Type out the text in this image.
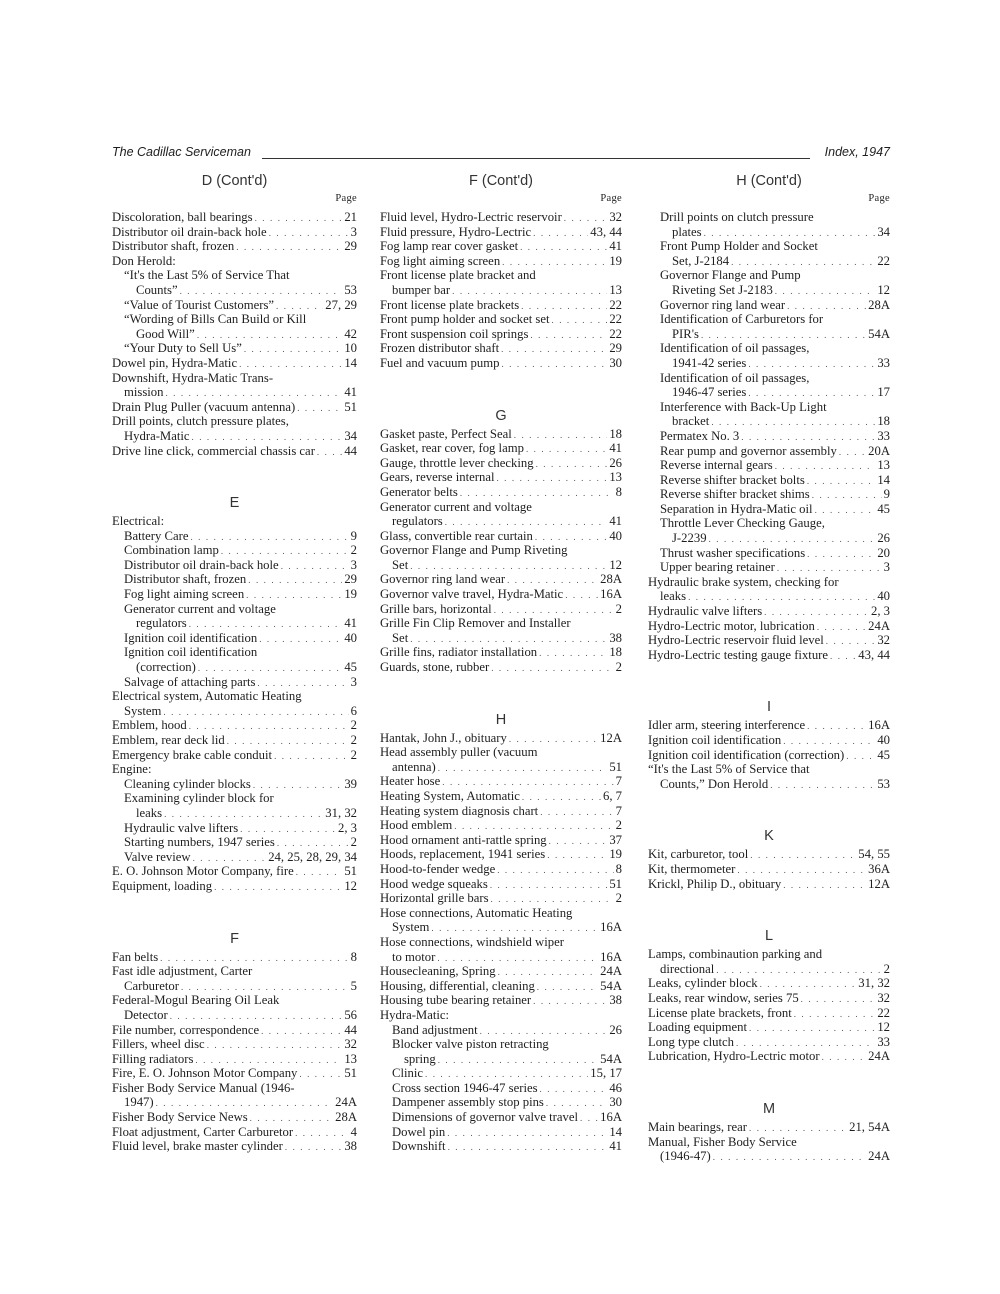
The Cadillac Serviceman	Index, 1947
D (Cont'd)
Page
Discoloration, ball bearings . . .	21
Distributor oil drain-back hole . . .	3
Distributor shaft, frozen . . .	29
Don Herold:
“It's the Last 5% of Service That
Counts” . . .	53
“Value of Tourist Customers” . . .	27, 29
“Wording of Bills Can Build or Kill
Good Will” . . .	42
“Your Duty to Sell Us” . . .	10
Dowel pin, Hydra-Matic . . .	14
Downshift, Hydra-Matic Trans-
mission . . .	41
Drain Plug Puller (vacuum antenna) . . .	51
Drill points, clutch pressure plates,
Hydra-Matic . . .	34
Drive line click, commercial chassis car . . . 44
E
Electrical:
Battery Care . . .	9
Combination lamp . . .	2
Distributor oil drain-back hole . . .	3
Distributor shaft, frozen . . .	29
Fog light aiming screen . . .	19
Generator current and voltage
regulators . . .	41
Ignition coil identification . . .	40
Ignition coil identification
(correction) . . .	45
Salvage of attaching parts . . .	3
Electrical system, Automatic Heating
System . . .	6
Emblem, hood . . .	2
Emblem, rear deck lid . . .	2
Emergency brake cable conduit . . .	2
Engine:
Cleaning cylinder blocks . . .	39
Examining cylinder block for
leaks . . .	31, 32
Hydraulic valve lifters . . .	2, 3
Starting numbers, 1947 series . . .	2
Valve review . . .	24, 25, 28, 29, 34
E. O. Johnson Motor Company, fire . . .	51
Equipment, loading . . .	12
F
Fan belts . . .	8
Fast idle adjustment, Carter
Carburetor . . .	5
Federal-Mogul Bearing Oil Leak
Detector . . .	56
File number, correspondence . . .	44
Fillers, wheel disc . . .	32
Filling radiators . . .	13
Fire, E. O. Johnson Motor Company . . .	51
Fisher Body Service Manual (1946-
1947) . . .	24A
Fisher Body Service News . . .	28A
Float adjustment, Carter Carburetor . . .	4
Fluid level, brake master cylinder . . .	38
F (Cont'd)
Page
Fluid level, Hydro-Lectric reservoir . . .	32
Fluid pressure, Hydro-Lectric . . .	43, 44
Fog lamp rear cover gasket . . .	41
Fog light aiming screen . . .	19
Front license plate bracket and
bumper bar . . .	13
Front license plate brackets . . .	22
Front pump holder and socket set . . .	22
Front suspension coil springs . . .	22
Frozen distributor shaft . . .	29
Fuel and vacuum pump . . .	30
G
Gasket paste, Perfect Seal . . .	18
Gasket, rear cover, fog lamp . . .	41
Gauge, throttle lever checking . . .	26
Gears, reverse internal . . .	13
Generator belts . . .	8
Generator current and voltage
regulators . . .	41
Glass, convertible rear curtain . . .	40
Governor Flange and Pump Riveting
Set . . .	12
Governor ring land wear . . .	28A
Governor valve travel, Hydra-Matic . . .	16A
Grille bars, horizontal . . .	2
Grille Fin Clip Remover and Installer
Set . . .	38
Grille fins, radiator installation . . .	18
Guards, stone, rubber . . .	2
H
Hantak, John J., obituary . . .	12A
Head assembly puller (vacuum
antenna) . . .	51
Heater hose . . .	7
Heating System, Automatic . . .	6, 7
Heating system diagnosis chart . . .	7
Hood emblem . . .	2
Hood ornament anti-rattle spring . . .	37
Hoods, replacement, 1941 series . . .	19
Hood-to-fender wedge . . .	8
Hood wedge squeaks . . .	51
Horizontal grille bars . . .	2
Hose connections, Automatic Heating
System . . .	16A
Hose connections, windshield wiper
to motor . . .	16A
Housecleaning, Spring . . .	24A
Housing, differential, cleaning . . .	54A
Housing tube bearing retainer . . .	38
Hydra-Matic:
Band adjustment . . .	26
Blocker valve piston retracting
spring . . .	54A
Clinic . . .	15, 17
Cross section 1946-47 series . . .	46
Dampener assembly stop pins . . .	30
Dimensions of governor valve travel . . . 16A
Dowel pin . . .	14
Downshift . . .	41
H (Cont'd)
Page
Drill points on clutch pressure
plates . . .	34
Front Pump Holder and Socket
Set, J-2184 . . .	22
Governor Flange and Pump
Riveting Set J-2183 . . .	12
Governor ring land wear . . .	28A
Identification of Carburetors for
PIR's . . .	54A
Identification of oil passages,
1941-42 series . . .	33
Identification of oil passages,
1946-47 series . . .	17
Interference with Back-Up Light
bracket . . .	18
Permatex No. 3 . . .	33
Rear pump and governor assembly . . . 20A
Reverse internal gears . . .	13
Reverse shifter bracket bolts . . .	14
Reverse shifter bracket shims . . .	9
Separation in Hydra-Matic oil . . .	45
Throttle Lever Checking Gauge,
J-2239 . . .	26
Thrust washer specifications . . .	20
Upper bearing retainer . . .	3
Hydraulic brake system, checking for
leaks . . .	40
Hydraulic valve lifters . . .	2, 3
Hydro-Lectric motor, lubrication . . .	24A
Hydro-Lectric reservoir fluid level . . .	32
Hydro-Lectric testing gauge fixture . . . 43, 44
I
Idler arm, steering interference . . .	16A
Ignition coil identification . . .	40
Ignition coil identification (correction) . . .	45
“It's the Last 5% of Service that
Counts,” Don Herold . . .	53
K
Kit, carburetor, tool . . .	54, 55
Kit, thermometer . . .	36A
Krickl, Philip D., obituary . . .	12A
L
Lamps, combinaution parking and
directional . . .	2
Leaks, cylinder block . . .	31, 32
Leaks, rear window, series 75 . . .	32
License plate brackets, front . . .	22
Loading equipment . . .	12
Long type clutch . . .	33
Lubrication, Hydro-Lectric motor . . .	24A
M
Main bearings, rear . . .	21, 54A
Manual, Fisher Body Service
(1946-47) . . .	24A
